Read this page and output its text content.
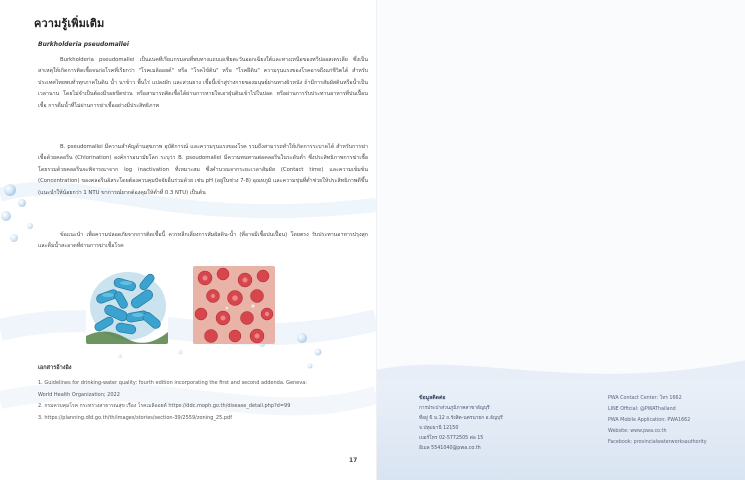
ความรู้เพิ่มเติม
Burkholderia pseudomallei
Burkholderia pseudomallei เป็นแบคทีเรียแกรมลบที่พบทางแถบเอเชียตะวันออกเฉียงใต้และทางเหนือของทวีปออสเตรเลีย ซึ่งเป็นสาเหตุให้เกิดการติดเชื้อจนก่อโรคที่เรียกว่า "โรคเมลิออยด์" หรือ "โรคไข้ดิน" หรือ "โรคฝีดิน" ความรุนแรงของโรคอาจถึงแก่ชีวิตได้ สำหรับประเทศไทยพบทั่วทุกภาคในดิน น้ำ นาข้าว พื้นไร่ แปลงผัก และสวนยาง เชื้อนี้เข้าสู่ร่างกายของมนุษย์ผ่านทางผิวหนัง ถ้ามีการสัมผัสดินหรือน้ำเป็นเวลานาน โดยไม่จำเป็นต้องมีรอยขีดข่วน หรือสามารถติดเชื้อได้ผ่านการหายใจเอาฝุ่นดินเข้าไปในปอด หรือผ่านการรับประทานอาหารที่ปนเปื้อนเชื้อ การดื่มน้ำที่ไม่ผ่านการฆ่าเชื้ออย่างมีประสิทธิภาพ
B. pseudomallei มีความสำคัญด้านสุขภาพ อุบัติการณ์ และความรุนแรงของโรค รวมถึงสามารถทำให้เกิดการระบาดได้ สำหรับการฆ่าเชื้อด้วยคลอรีน (Chlorination) องค์การอนามัยโลก ระบุว่า B. pseudomallei มีความทนทานต่อคลอรีนในระดับต่ำ ซึ่งประสิทธิภาพการฆ่าเชื้อโดยรวมด้วยคลอรีนจะพิจารณาจาก log inactivation ที่เหมาะสม ซึ่งคำนวณจากระยะเวลาสัมผัส (Contact time) และความเข้มข้น (Concentration) ของคลอรีนอิสระโดยต้องควบคุมปัจจัยอื่นร่วมด้วย เช่น pH (อยู่ในช่วง 7-8) อุณหภูมิ และความขุ่นที่ต่ำช่วยให้ประสิทธิภาพดีขึ้น (แนะนำให้น้อยกว่า 1 NTU ขาการณ์ยากต้องคุมให้ต่ำที่ 0.3 NTU) เป็นต้น
ข้อแนะนำ เพื่อความปลอดภัยจากการติดเชื้อนี้ ควรหลีกเลี่ยงการสัมผัสดิน-น้ำ (ที่อาจมีเชื้อปนเปื้อน) โดยตรง รับประทานอาหารปรุงสุก และดื่มน้ำสะอาดที่ผ่านการฆ่าเชื้อโรค
เอกสารอ้างอิง
1. Guidelines for drinking-water quality: fourth edition incorporating the first and second addenda. Geneva:
World Health Organization; 2022
2. กรมควบคุมโรค กระทรวงสาธารณสุข เรื่อง โรคเมลิออยด์ https://ddc.moph.go.th/disease_detail.php?d=99
3. https://planning.dld.go.th/th/images/stories/section-39/2559/zoning_25.pdf
17
ข้อมูลติดต่อ
การประปาส่วนภูมิภาคสาขาธัญบุรี
ที่อยู่ 6 ม.12 ถ.รังสิต-นครนายก อ.ธัญบุรี
จ.ปทุมธานี 12150
เบอร์โทร 02-5772505 ต่อ 15
อีเมล 5541040@pwa.co.th
PWA Contact Center: โทร 1662
LINE Official: @PWAThailand
PWA Mobile Application: PWA1662
Website: www.pwa.co.th
Facebook: provincialwaterworksauthority
